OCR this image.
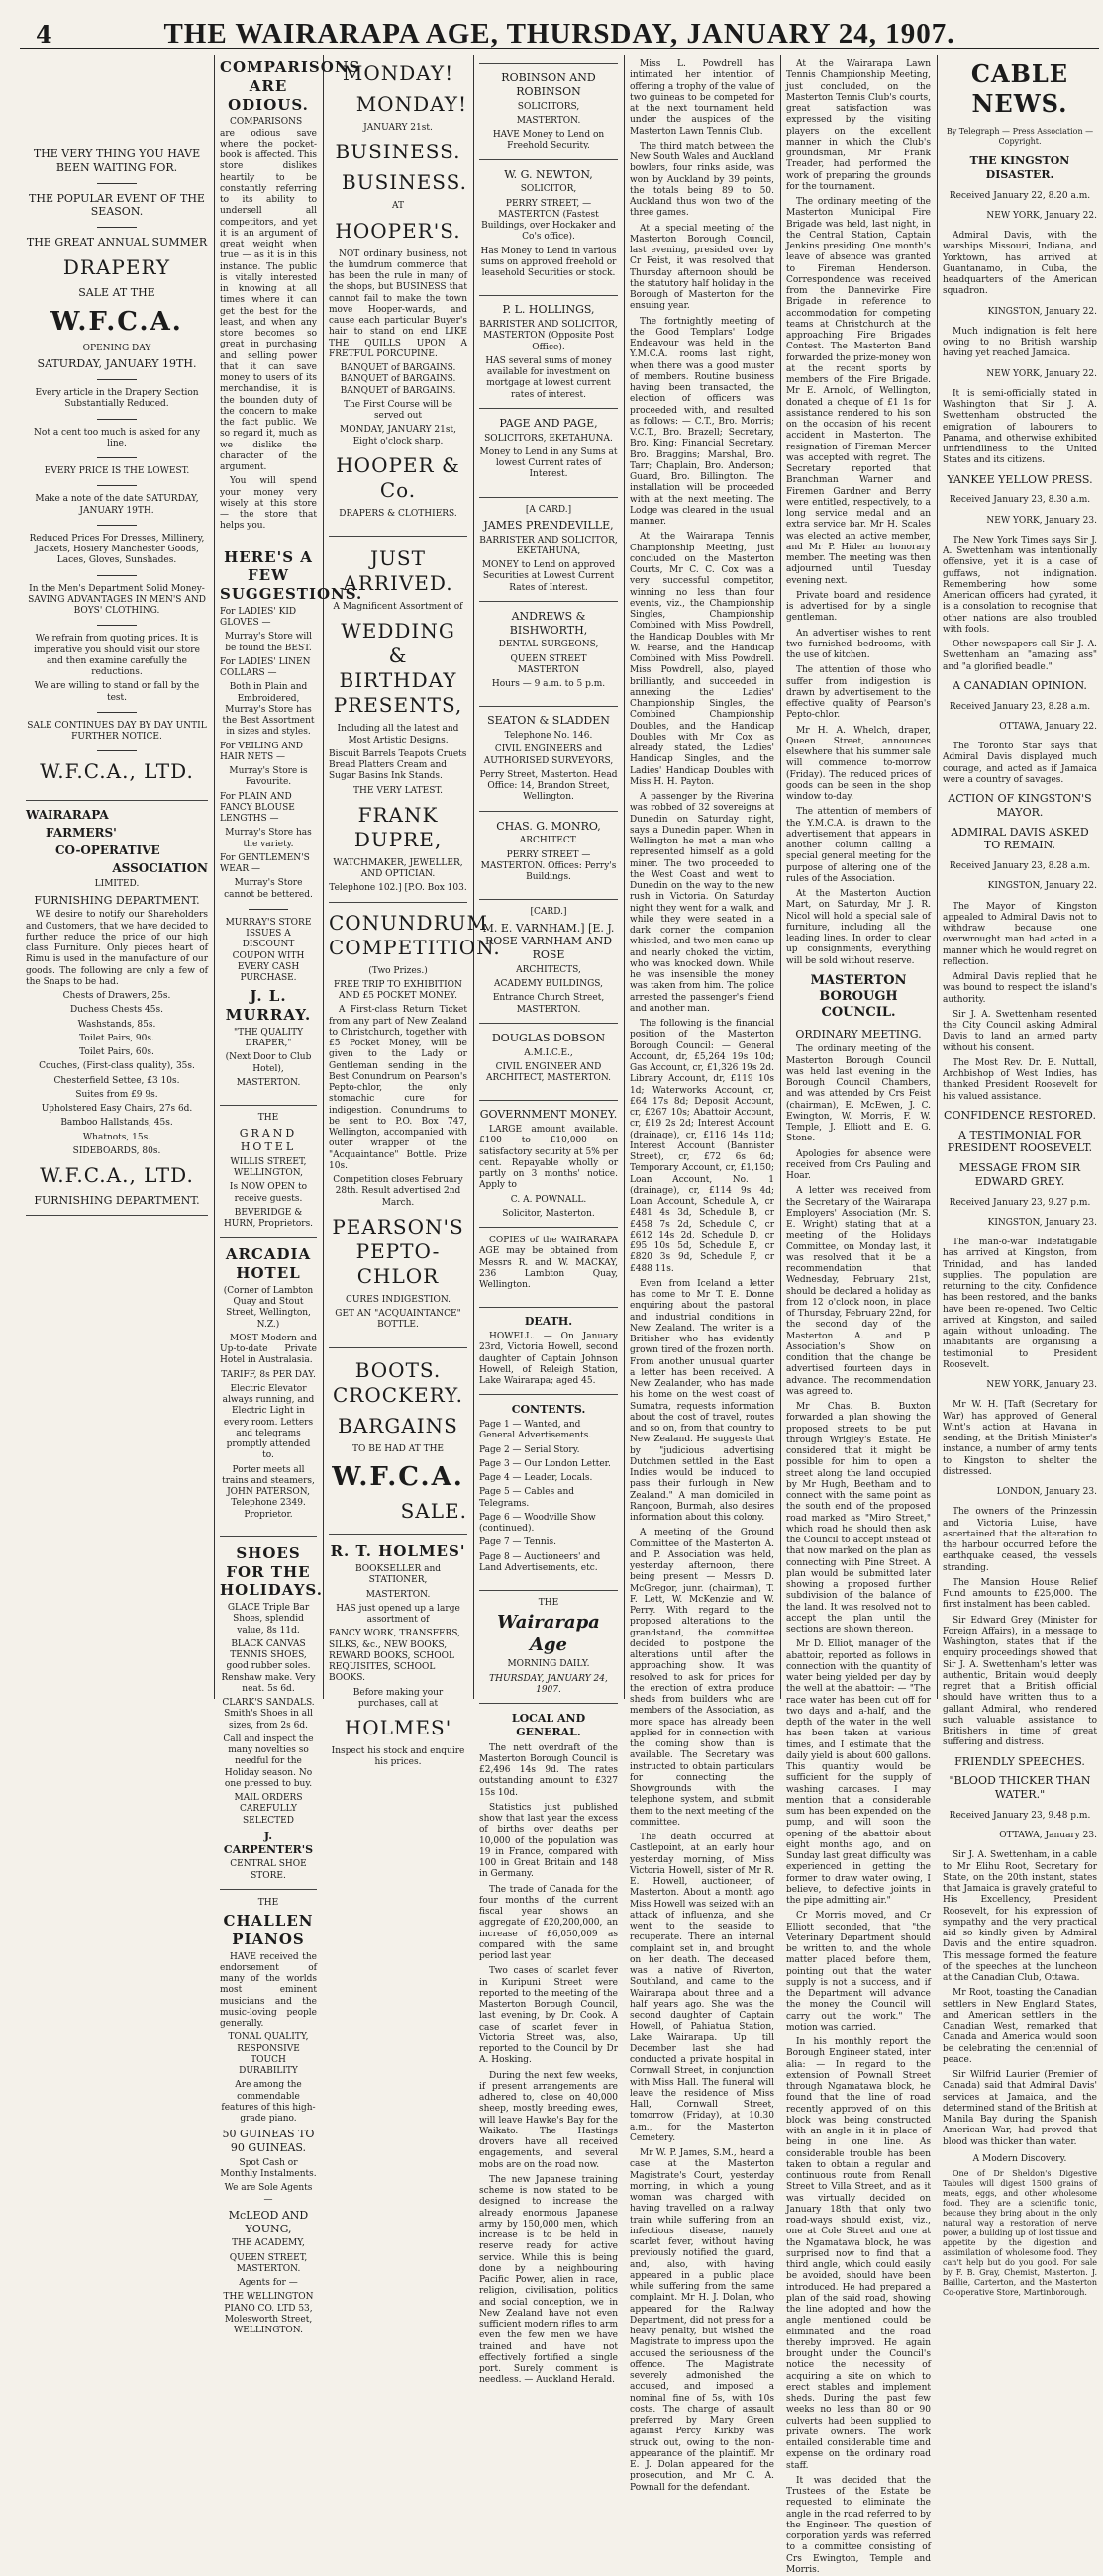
4	THE WAIRARAPA AGE, THURSDAY, JANUARY 24, 1907.

THE VERY THING YOU HAVE BEEN WAITING FOR.

THE POPULAR EVENT OF THE SEASON.

THE GREAT ANNUAL SUMMER

DRAPERY

SALE AT THE

W.F.C.A.

OPENING DAY

SATURDAY, JANUARY 19TH.

Every article in the Drapery Section Substantially Reduced.

Not a cent too much is asked for any line.

EVERY PRICE IS THE LOWEST.

Make a note of the date SATURDAY, JANUARY 19TH.

Reduced Prices For Dresses, Millinery, Jackets, Hosiery Manchester Goods, Laces, Gloves, Sunshades.

In the Men's Department Solid Money-SAVING ADVANTAGES IN MEN'S AND BOYS' CLOTHING.

We refrain from quoting prices. It is imperative you should visit our store and then examine carefully the reductions.

We are willing to stand or fall by the test.

SALE CONTINUES DAY BY DAY UNTIL FURTHER NOTICE.

W.F.C.A., LTD.

WAIRARAPA

FARMERS'

CO-OPERATIVE

ASSOCIATION

LIMITED.

FURNISHING DEPARTMENT.

WE desire to notify our Shareholders and Customers, that we have decided to further reduce the price of our high class Furniture. Only pieces heart of Rimu is used in the manufacture of our goods. The following are only a few of the Snaps to be had.

Chests of Drawers, 25s.

Duchess Chests 45s.

Washstands, 85s.

Toilet Pairs, 90s.

Toilet Pairs, 60s.

Couches, (First-class quality), 35s.

Chesterfield Settee, £3 10s.

Suites from £9 9s.

Upholstered Easy Chairs, 27s 6d.

Bamboo Hallstands, 45s.

Whatnots, 15s.

SIDEBOARDS, 80s.

W.F.C.A., LTD.

FURNISHING DEPARTMENT.

COMPARISONS ARE ODIOUS.

COMPARISONS are odious save where the pocket-book is affected. This store dislikes heartily to be constantly referring to its ability to undersell all competitors, and yet it is an argument of great weight when true — as it is in this instance. The public is vitally interested in knowing at all times where it can get the best for the least, and when any store becomes so great in purchasing and selling power that it can save money to users of its merchandise, it is the bounden duty of the concern to make the fact public. We so regard it, much as we dislike the character of the argument.

You will spend your money very wisely at this store — the store that helps you.

HERE'S A FEW SUGGESTIONS.

For LADIES' KID GLOVES —

Murray's Store will be found the BEST.

For LADIES' LINEN COLLARS —

Both in Plain and Embroidered, Murray's Store has the Best Assortment in sizes and styles.

For VEILING AND HAIR NETS —

Murray's Store is Favourite.

For PLAIN AND FANCY BLOUSE LENGTHS —

Murray's Store has the variety.

For GENTLEMEN'S WEAR —

Murray's Store cannot be bettered.

MURRAY'S STORE ISSUES A DISCOUNT COUPON WITH EVERY CASH PURCHASE.

J. L. MURRAY.

"THE QUALITY DRAPER,"

(Next Door to Club Hotel),

MASTERTON.

THE

GRAND HOTEL

WILLIS STREET, WELLINGTON,

Is NOW OPEN to receive guests.

BEVERIDGE & HURN, Proprietors.

ARCADIA HOTEL

(Corner of Lambton Quay and Stout Street, Wellington, N.Z.)

MOST Modern and Up-to-date Private Hotel in Australasia.

TARIFF, 8s PER DAY.

Electric Elevator always running, and Electric Light in every room. Letters and telegrams promptly attended to.

Porter meets all trains and steamers, JOHN PATERSON, Telephone 2349. Proprietor.

SHOES FOR THE HOLIDAYS.

GLACE Triple Bar Shoes, splendid value, 8s 11d.

BLACK CANVAS TENNIS SHOES, good rubber soles. Renshaw make. Very neat. 5s 6d.

CLARK'S SANDALS. Smith's Shoes in all sizes, from 2s 6d.

Call and inspect the many novelties so needful for the Holiday season. No one pressed to buy.

MAIL ORDERS CAREFULLY SELECTED

J. CARPENTER'S

CENTRAL SHOE STORE.

THE

CHALLEN PIANOS

HAVE received the endorsement of many of the worlds most eminent musicians and the music-loving people generally.

TONAL QUALITY, RESPONSIVE TOUCH DURABILITY

Are among the commendable features of this high-grade piano.

50 GUINEAS TO 90 GUINEAS.

Spot Cash or Monthly Instalments.

We are Sole Agents —

McLEOD AND YOUNG,

THE ACADEMY,

QUEEN STREET, MASTERTON.

Agents for —

THE WELLINGTON PIANO CO. LTD 53, Molesworth Street, WELLINGTON.

MONDAY!

MONDAY!

JANUARY 21st.

BUSINESS.

BUSINESS.

AT

HOOPER'S.

NOT ordinary business, not the humdrum commerce that has been the rule in many of the shops, but BUSINESS that cannot fail to make the town move Hooper-wards, and cause each particular Buyer's hair to stand on end LIKE THE QUILLS UPON A FRETFUL PORCUPINE.

BANQUET of BARGAINS. BANQUET of BARGAINS. BANQUET of BARGAINS.

The First Course will be served out

MONDAY, JANUARY 21st, Eight o'clock sharp.

HOOPER & Co.

DRAPERS & CLOTHIERS.

JUST ARRIVED.

A Magnificent Assortment of

WEDDING & BIRTHDAY PRESENTS,

Including all the latest and Most Artistic Designs.

Biscuit Barrels Teapots Cruets Bread Platters Cream and Sugar Basins Ink Stands.

THE VERY LATEST.

FRANK DUPRE,

WATCHMAKER, JEWELLER, AND OPTICIAN.

Telephone 102.] [P.O. Box 103.

CONUNDRUM COMPETITION.

(Two Prizes.)

FREE TRIP TO EXHIBITION AND £5 POCKET MONEY.

A First-class Return Ticket from any part of New Zealand to Christchurch, together with £5 Pocket Money, will be given to the Lady or Gentleman sending in the Best Conundrum on Pearson's Pepto-chlor, the only stomachic cure for indigestion. Conundrums to be sent to P.O. Box 747, Wellington, accompanied with outer wrapper of the "Acquaintance" Bottle. Prize 10s.

Competition closes February 28th. Result advertised 2nd March.

PEARSON'S PEPTO-CHLOR

CURES INDIGESTION.

GET AN "ACQUAINTANCE" BOTTLE.

BOOTS. CROCKERY.

BARGAINS

TO BE HAD AT THE

W.F.C.A.

SALE.

R. T. HOLMES'

BOOKSELLER and STATIONER,

MASTERTON.

HAS just opened up a large assortment of

FANCY WORK, TRANSFERS, SILKS, &c., NEW BOOKS, REWARD BOOKS, SCHOOL REQUISITES, SCHOOL BOOKS.

Before making your purchases, call at

HOLMES'

Inspect his stock and enquire his prices.

ROBINSON AND ROBINSON

SOLICITORS,

MASTERTON.

HAVE Money to Lend on Freehold Security.

W. G. NEWTON,

SOLICITOR,

PERRY STREET, — MASTERTON (Fastest Buildings, over Hockaker and Co's office).

Has Money to Lend in various sums on approved freehold or leasehold Securities or stock.

P. L. HOLLINGS,

BARRISTER AND SOLICITOR, MASTERTON (Opposite Post Office).

HAS several sums of money available for investment on mortgage at lowest current rates of interest.

PAGE AND PAGE,

SOLICITORS, EKETAHUNA.

Money to Lend in any Sums at lowest Current rates of Interest.

[A CARD.]

JAMES PRENDEVILLE,

BARRISTER AND SOLICITOR, EKETAHUNA,

MONEY to Lend on approved Securities at Lowest Current Rates of Interest.

ANDREWS & BISHWORTH,

DENTAL SURGEONS,

QUEEN STREET MASTERTON

Hours — 9 a.m. to 5 p.m.

SEATON & SLADDEN

Telephone No. 146.

CIVIL ENGINEERS and AUTHORISED SURVEYORS,

Perry Street, Masterton. Head Office: 14, Brandon Street, Wellington.

CHAS. G. MONRO,

ARCHITECT.

PERRY STREET — MASTERTON. Offices: Perry's Buildings.

[CARD.]

M. E. VARNHAM.] [E. J. ROSE VARNHAM AND ROSE

ARCHITECTS,

ACADEMY BUILDINGS,

Entrance Church Street, MASTERTON.

DOUGLAS DOBSON

A.M.I.C.E.,

CIVIL ENGINEER AND ARCHITECT, MASTERTON.

GOVERNMENT MONEY.

LARGE amount available. £100 to £10,000 on satisfactory security at 5% per cent. Repayable wholly or partly on 3 months' notice. Apply to

C. A. POWNALL.

Solicitor, Masterton.

COPIES of the WAIRARAPA AGE may be obtained from Messrs R. and W. MACKAY, 236 Lambton Quay, Wellington.

DEATH.

HOWELL. — On January 23rd, Victoria Howell, second daughter of Captain Johnson Howell, of Releigh Station, Lake Wairarapa; aged 45.

CONTENTS.

Page 1 — Wanted, and General Advertisements.

Page 2 — Serial Story.

Page 3 — Our London Letter.

Page 4 — Leader, Locals.

Page 5 — Cables and Telegrams.

Page 6 — Woodville Show (continued).

Page 7 — Tennis.

Page 8 — Auctioneers' and Land Advertisements, etc.

THE

Wairarapa Age

MORNING DAILY.

THURSDAY, JANUARY 24, 1907.

LOCAL AND GENERAL.

The nett overdraft of the Masterton Borough Council is £2,496 14s 9d. The rates outstanding amount to £327 15s 10d.

Statistics just published show that last year the excess of births over deaths per 10,000 of the population was 19 in France, compared with 100 in Great Britain and 148 in Germany.

The trade of Canada for the four months of the current fiscal year shows an aggregate of £20,200,000, an increase of £6,050,009 as compared with the same period last year.

Two cases of scarlet fever in Kuripuni Street were reported to the meeting of the Masterton Borough Council, last evening, by Dr. Cook. A case of scarlet fever in Victoria Street was, also, reported to the Council by Dr A. Hosking.

During the next few weeks, if present arrangements are adhered to, close on 40,000 sheep, mostly breeding ewes, will leave Hawke's Bay for the Waikato. The Hastings drovers have all received engagements, and several mobs are on the road now.

The new Japanese training scheme is now stated to be designed to increase the already enormous Japanese army by 150,000 men, which increase is to be held in reserve ready for active service. While this is being done by a neighbouring Pacific Power, alien in race, religion, civilisation, politics and social conception, we in New Zealand have not even sufficient modern rifles to arm even the few men we have trained and have not effectively fortified a single port. Surely comment is needless. — Auckland Herald.

Miss L. Powdrell has intimated her intention of offering a trophy of the value of two guineas to be competed for at the next tournament held under the auspices of the Masterton Lawn Tennis Club.

The third match between the New South Wales and Auckland bowlers, four rinks aside, was won by Auckland by 39 points, the totals being 89 to 50. Auckland thus won two of the three games.

At a special meeting of the Masterton Borough Council, last evening, presided over by Cr Feist, it was resolved that Thursday afternoon should be the statutory half holiday in the Borough of Masterton for the ensuing year.

The fortnightly meeting of the Good Templars' Lodge Endeavour was held in the Y.M.C.A. rooms last night, when there was a good muster of members. Routine business having been transacted, the election of officers was proceeded with, and resulted as follows: — C.T., Bro. Morris; V.C.T., Bro. Brazell; Secretary, Bro. King; Financial Secretary, Bro. Braggins; Marshal, Bro. Tarr; Chaplain, Bro. Anderson; Guard, Bro. Billington. The installation will be proceeded with at the next meeting. The Lodge was cleared in the usual manner.

At the Wairarapa Tennis Championship Meeting, just concluded on the Masterton Courts, Mr C. C. Cox was a very successful competitor, winning no less than four events, viz., the Championship Singles, Championship Combined with Miss Powdrell, the Handicap Doubles with Mr W. Pearse, and the Handicap Combined with Miss Powdrell. Miss Powdrell, also, played brilliantly, and succeeded in annexing the Ladies' Championship Singles, the Combined Championship Doubles, and the Handicap Doubles with Mr Cox as already stated, the Ladies' Handicap Singles, and the Ladies' Handicap Doubles with Miss H. H. Payton.

A passenger by the Riverina was robbed of 32 sovereigns at Dunedin on Saturday night, says a Dunedin paper. When in Wellington he met a man who represented himself as a gold miner. The two proceeded to the West Coast and went to Dunedin on the way to the new rush in Victoria. On Saturday night they went for a walk, and while they were seated in a dark corner the companion whistled, and two men came up and nearly choked the victim, who was knocked down. While he was insensible the money was taken from him. The police arrested the passenger's friend and another man.

The following is the financial position of the Masterton Borough Council: — General Account, dr, £5,264 19s 10d; Gas Account, cr, £1,326 19s 2d. Library Account, dr, £119 10s 1d; Waterworks Account, cr, £64 17s 8d; Deposit Account, cr, £267 10s; Abattoir Account, cr, £19 2s 2d; Interest Account (drainage), cr, £116 14s 11d; Interest Account (Bannister Street), cr, £72 6s 6d; Temporary Account, cr, £1,150; Loan Account, No. 1 (drainage), cr, £114 9s 4d; Loan Account, Schedule A, cr £481 4s 3d, Schedule B, cr £458 7s 2d, Schedule C, cr £612 14s 2d, Schedule D, cr £95 10s 5d, Schedule E, cr £820 3s 9d, Schedule F, cr £488 11s.

Even from Iceland a letter has come to Mr T. E. Donne enquiring about the pastoral and industrial conditions in New Zealand. The writer is a Britisher who has evidently grown tired of the frozen north. From another unusual quarter a letter has been received. A New Zealander, who has made his home on the west coast of Sumatra, requests information about the cost of travel, routes and so on, from that country to New Zealand. He suggests that by "judicious advertising Dutchmen settled in the East Indies would be induced to pass their furlough in New Zealand." A man domiciled in Rangoon, Burmah, also desires information about this colony.

A meeting of the Ground Committee of the Masterton A. and P. Association was held, yesterday afternoon, there being present — Messrs D. McGregor, junr. (chairman), T. F. Lett, W. McKenzie and W. Perry. With regard to the proposed alterations to the grandstand, the committee decided to postpone the alterations until after the approaching show. It was resolved to ask for prices for the erection of extra produce sheds from builders who are members of the Association, as more space has already been applied for in connection with the coming show than is available. The Secretary was instructed to obtain particulars for connecting the Showgrounds with the telephone system, and submit them to the next meeting of the committee.

The death occurred at Castlepoint, at an early hour yesterday morning, of Miss Victoria Howell, sister of Mr R. E. Howell, auctioneer, of Masterton. About a month ago Miss Howell was seized with an attack of influenza, and she went to the seaside to recuperate. There an internal complaint set in, and brought on her death. The deceased was a native of Riverton, Southland, and came to the Wairarapa about three and a half years ago. She was the second daughter of Captain Howell, of Pahiatua Station, Lake Wairarapa. Up till December last she had conducted a private hospital in Cornwall Street, in conjunction with Miss Hall. The funeral will leave the residence of Miss Hall, Cornwall Street, tomorrow (Friday), at 10.30 a.m., for the Masterton Cemetery.

Mr W. P. James, S.M., heard a case at the Masterton Magistrate's Court, yesterday morning, in which a young woman was charged with having travelled on a railway train while suffering from an infectious disease, namely scarlet fever, without having previously notified the guard, and, also, with having appeared in a public place while suffering from the same complaint. Mr H. J. Dolan, who appeared for the Railway Department, did not press for a heavy penalty, but wished the Magistrate to impress upon the accused the seriousness of the offence. The Magistrate severely admonished the accused, and imposed a nominal fine of 5s, with 10s costs. The charge of assault preferred by Mary Green against Percy Kirkby was struck out, owing to the non-appearance of the plaintiff. Mr E. J. Dolan appeared for the prosecution, and Mr C. A. Pownall for the defendant.

At the Wairarapa Lawn Tennis Championship Meeting, just concluded, on the Masterton Tennis Club's courts, great satisfaction was expressed by the visiting players on the excellent manner in which the Club's groundsman, Mr Frank Treader, had performed the work of preparing the grounds for the tournament.

The ordinary meeting of the Masterton Municipal Fire Brigade was held, last night, in the Central Station, Captain Jenkins presiding. One month's leave of absence was granted to Fireman Henderson. Correspondence was received from the Dannevirke Fire Brigade in reference to accommodation for competing teams at Christchurch at the approaching Fire Brigades Contest. The Masterton Band forwarded the prize-money won at the recent sports by members of the Fire Brigade. Mr E. Arnold, of Wellington, donated a cheque of £1 1s for assistance rendered to his son on the occasion of his recent accident in Masterton. The resignation of Fireman Mercer was accepted with regret. The Secretary reported that Branchman Warner and Firemen Gardner and Berry were entitled, respectively, to a long service medal and an extra service bar. Mr H. Scales was elected an active member, and Mr P. Hider an honorary member. The meeting was then adjourned until Tuesday evening next.

Private board and residence is advertised for by a single gentleman.

An advertiser wishes to rent two furnished bedrooms, with the use of kitchen.

The attention of those who suffer from indigestion is drawn by advertisement to the effective quality of Pearson's Pepto-chlor.

Mr H. A. Whelch, draper, Queen Street, announces elsewhere that his summer sale will commence to-morrow (Friday). The reduced prices of goods can be seen in the shop window to-day.

The attention of members of the Y.M.C.A. is drawn to the advertisement that appears in another column calling a special general meeting for the purpose of altering one of the rules of the Association.

At the Masterton Auction Mart, on Saturday, Mr J. R. Nicol will hold a special sale of furniture, including all the leading lines. In order to clear up consignments, everything will be sold without reserve.

MASTERTON BOROUGH COUNCIL.

ORDINARY MEETING.

The ordinary meeting of the Masterton Borough Council was held last evening in the Borough Council Chambers, and was attended by Crs Feist (chairman), E. McEwen, J. C. Ewington, W. Morris, F. W. Temple, J. Elliott and E. G. Stone.

Apologies for absence were received from Crs Pauling and Hoar.

A letter was received from the Secretary of the Wairarapa Employers' Association (Mr. S. E. Wright) stating that at a meeting of the Holidays Committee, on Monday last, it was resolved that it be a recommendation that Wednesday, February 21st, should be declared a holiday as from 12 o'clock noon, in place of Thursday, February 22nd, for the second day of the Masterton A. and P. Association's Show on condition that the change be advertised fourteen days in advance. The recommendation was agreed to.

Mr Chas. B. Buxton forwarded a plan showing the proposed streets to be put through Wrigley's Estate. He considered that it might be possible for him to open a street along the land occupied by Mr Hugh, Beetham and to connect with the same point as the south end of the proposed road marked as "Miro Street," which road he should then ask the Council to accept instead of that now marked on the plan as connecting with Pine Street. A plan would be submitted later showing a proposed further subdivision of the balance of the land. It was resolved not to accept the plan until the sections are shown thereon.

Mr D. Elliot, manager of the abattoir, reported as follows in connection with the quantity of water being yielded per day by the well at the abattoir: — "The race water has been cut off for two days and a-half, and the depth of the water in the well has been taken at various times, and I estimate that the daily yield is about 600 gallons. This quantity would be sufficient for the supply of washing carcases. I may mention that a considerable sum has been expended on the pump, and will soon the opening of the abattoir about eight months ago, and on Sunday last great difficulty was experienced in getting the former to draw water owing, I believe, to defective joints in the pipe admitting air."

Cr Morris moved, and Cr Elliott seconded, that "the Veterinary Department should be written to, and the whole matter placed before them, pointing out that the water supply is not a success, and if the Department will advance the money the Council will carry out the work." The motion was carried.

In his monthly report the Borough Engineer stated, inter alia: — In regard to the extension of Pownall Street through Ngamatawa block, he found that the line of road recently approved of on this block was being constructed with an angle in it in place of being in one line. As considerable trouble has been taken to obtain a regular and continuous route from Renall Street to Villa Street, and as it was virtually decided on January 18th that only two road-ways should exist, viz., one at Cole Street and one at the Ngamatawa block, he was surprised now to find that a third angle, which could easily be avoided, should have been introduced. He had prepared a plan of the said road, showing the line adopted and how the angle mentioned could be eliminated and the road thereby improved. He again brought under the Council's notice the necessity of acquiring a site on which to erect stables and implement sheds. During the past few weeks no less than 80 or 90 culverts had been supplied to private owners. The work entailed considerable time and expense on the ordinary road staff.

It was decided that the Trustees of the Estate be requested to eliminate the angle in the road referred to by the Engineer. The question of corporation yards was referred to a committee consisting of Crs Ewington, Temple and Morris.

CABLE NEWS.

By Telegraph — Press Association — Copyright.

THE KINGSTON DISASTER.

Received January 22, 8.20 a.m.

NEW YORK, January 22.

Admiral Davis, with the warships Missouri, Indiana, and Yorktown, has arrived at Guantanamo, in Cuba, the headquarters of the American squadron.

KINGSTON, January 22.

Much indignation is felt here owing to no British warship having yet reached Jamaica.

NEW YORK, January 22.

It is semi-officially stated in Washington that Sir J. A. Swettenham obstructed the emigration of labourers to Panama, and otherwise exhibited unfriendliness to the United States and its citizens.

YANKEE YELLOW PRESS.

Received January 23, 8.30 a.m.

NEW YORK, January 23.

The New York Times says Sir J. A. Swettenham was intentionally offensive, yet it is a case of guffaws, not indignation. Remembering how some American officers had gyrated, it is a consolation to recognise that other nations are also troubled with fools.

Other newspapers call Sir J. A. Swettenham an "amazing ass" and "a glorified beadle."

A CANADIAN OPINION.

Received January 23, 8.28 a.m.

OTTAWA, January 22.

The Toronto Star says that Admiral Davis displayed much courage, and acted as if Jamaica were a country of savages.

ACTION OF KINGSTON'S MAYOR.

ADMIRAL DAVIS ASKED TO REMAIN.

Received January 23, 8.28 a.m.

KINGSTON, January 22.

The Mayor of Kingston appealed to Admiral Davis not to withdraw because one overwrought man had acted in a manner which he would regret on reflection.

Admiral Davis replied that he was bound to respect the island's authority.

Sir J. A. Swettenham resented the City Council asking Admiral Davis to land an armed party without his consent.

The Most Rev. Dr. E. Nuttall, Archbishop of West Indies, has thanked President Roosevelt for his valued assistance.

CONFIDENCE RESTORED.

A TESTIMONIAL FOR PRESIDENT ROOSEVELT.

MESSAGE FROM SIR EDWARD GREY.

Received January 23, 9.27 p.m.

KINGSTON, January 23.

The man-o-war Indefatigable has arrived at Kingston, from Trinidad, and has landed supplies. The population are returning to the city. Confidence has been restored, and the banks have been re-opened. Two Celtic arrived at Kingston, and sailed again without unloading. The inhabitants are organising a testimonial to President Roosevelt.

NEW YORK, January 23.

Mr W. H. [Taft (Secretary for War) has approved of General Wint's action at Havana in sending, at the British Minister's instance, a number of army tents to Kingston to shelter the distressed.

LONDON, January 23.

The owners of the Prinzessin and Victoria Luise, have ascertained that the alteration to the harbour occurred before the earthquake ceased, the vessels stranding.

The Mansion House Relief Fund amounts to £25,000. The first instalment has been cabled.

Sir Edward Grey (Minister for Foreign Affairs), in a message to Washington, states that if the enquiry proceedings showed that Sir J. A. Swettenham's letter was authentic, Britain would deeply regret that a British official should have written thus to a gallant Admiral, who rendered such valuable assistance to Britishers in time of great suffering and distress.

FRIENDLY SPEECHES.

"BLOOD THICKER THAN WATER."

Received January 23, 9.48 p.m.

OTTAWA, January 23.

Sir J. A. Swettenham, in a cable to Mr Elihu Root, Secretary for State, on the 20th instant, states that Jamaica is gravely grateful to His Excellency, President Roosevelt, for his expression of sympathy and the very practical aid so kindly given by Admiral Davis and the entire squadron. This message formed the feature of the speeches at the luncheon at the Canadian Club, Ottawa.

Mr Root, toasting the Canadian settlers in New England States, and American settlers in the Canadian West, remarked that Canada and America would soon be celebrating the centennial of peace.

Sir Wilfrid Laurier (Premier of Canada) said that Admiral Davis' services at Jamaica, and the determined stand of the British at Manila Bay during the Spanish American War, had proved that blood was thicker than water.

A Modern Discovery.

One of Dr Sheldon's Digestive Tabules will digest 1500 grains of meats, eggs, and other wholesome food. They are a scientific tonic, because they bring about in the only natural way a restoration of nerve power, a building up of lost tissue and appetite by the digestion and assimilation of wholesome food. They can't help but do you good. For sale by F. B. Gray, Chemist, Masterton. J. Baillie, Carterton, and the Masterton Co-operative Store, Martinborough.
